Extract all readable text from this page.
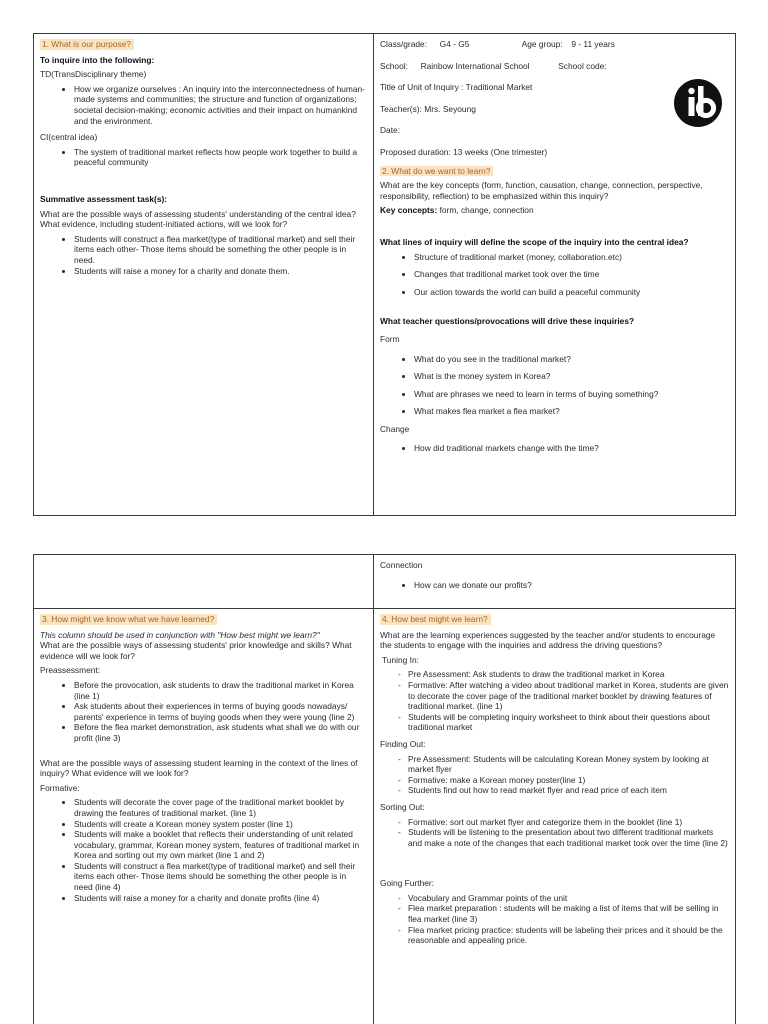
1. What is our purpose?
To inquire into the following:
TD(TransDisciplinary theme)
• How we organize ourselves : An inquiry into the interconnectedness of human-made systems and communities; the structure and function of organizations; societal decision-making; economic activities and their impact on humankind and the environment.
CI(central idea)
• The system of traditional market reflects how people work together to build a peaceful community
Summative assessment task(s):
What are the possible ways of assessing students' understanding of the central idea? What evidence, including student-initiated actions, will we look for?
• Students will construct a flea market(type of traditional market) and sell their items each other- Those items should be something the other people is in need.
• Students will raise a money for a charity and donate them.
Class/grade: G4 - G5	Age group: 9 - 11 years
School: Rainbow International School	School code:
Title of Unit of Inquiry : Traditional Market
Teacher(s): Mrs. Seyoung
Date:
Proposed duration: 13 weeks (One trimester)
2. What do we want to learn?
What are the key concepts (form, function, causation, change, connection, perspective, responsibility, reflection) to be emphasized within this inquiry?
Key concepts: form, change, connection
What lines of inquiry will define the scope of the inquiry into the central idea?
• Structure of traditional market (money, collaboration.etc)
• Changes that traditional market took over the time
• Our action towards the world can build a peaceful community
What teacher questions/provocations will drive these inquiries?
Form
• What do you see in the traditional market?
• What is the money system in Korea?
• What are phrases we need to learn in terms of buying something?
• What makes flea market a flea market?
Change
• How did traditional markets change with the time?
Connection
• How can we donate our profits?
3. How might we know what we have learned?
This column should be used in conjunction with "How best might we learn?"
What are the possible ways of assessing students' prior knowledge and skills? What evidence will we look for?
Preassessment:
• Before the provocation, ask students to draw the traditional market in Korea (line 1)
• Ask students about their experiences in terms of buying goods nowadays/ parents' experience in terms of buying goods when they were young (line 2)
• Before the flea market demonstration, ask students what shall we do with our profit (line 3)
What are the possible ways of assessing student learning in the context of the lines of inquiry? What evidence will we look for?
Formative:
• Students will decorate the cover page of the traditional market booklet by drawing the features of traditional market. (line 1)
• Students will create a Korean money system poster (line 1)
• Students will make a booklet that reflects their understanding of unit related vocabulary, grammar, Korean money system, features of traditional market in Korea and sorting out my own market (line 1 and 2)
• Students will construct a flea market(type of traditional market) and sell their items each other- Those items should be something the other people is in need (line 4)
• Students will raise a money for a charity and donate profits (line 4)
4. How best might we learn?
What are the learning experiences suggested by the teacher and/or students to encourage the students to engage with the inquiries and address the driving questions?
Tuning In:
- Pre Assessment: Ask students to draw the traditional market in Korea
- Formative: After watching a video about traditional market in Korea, students are given to decorate the cover page of the traditional market booklet by drawing features of traditional market. (line 1)
- Students will be completing inquiry worksheet to think about their questions about traditional market
Finding Out:
- Pre Assessment: Students will be calculating Korean Money system by looking at market flyer
- Formative: make a Korean money poster(line 1)
- Students find out how to read market flyer and read price of each item
Sorting Out:
- Formative: sort out market flyer and categorize them in the booklet (line 1)
- Students will be listening to the presentation about two different traditional markets and make a note of the changes that each traditional market took over the time (line 2)
Going Further:
- Vocabulary and Grammar points of the unit
- Flea market preparation : students will be making a list of items that will be selling in flea market (line 3)
- Flea market pricing practice: students will be labeling their prices and it should be the reasonable and appealing price.
